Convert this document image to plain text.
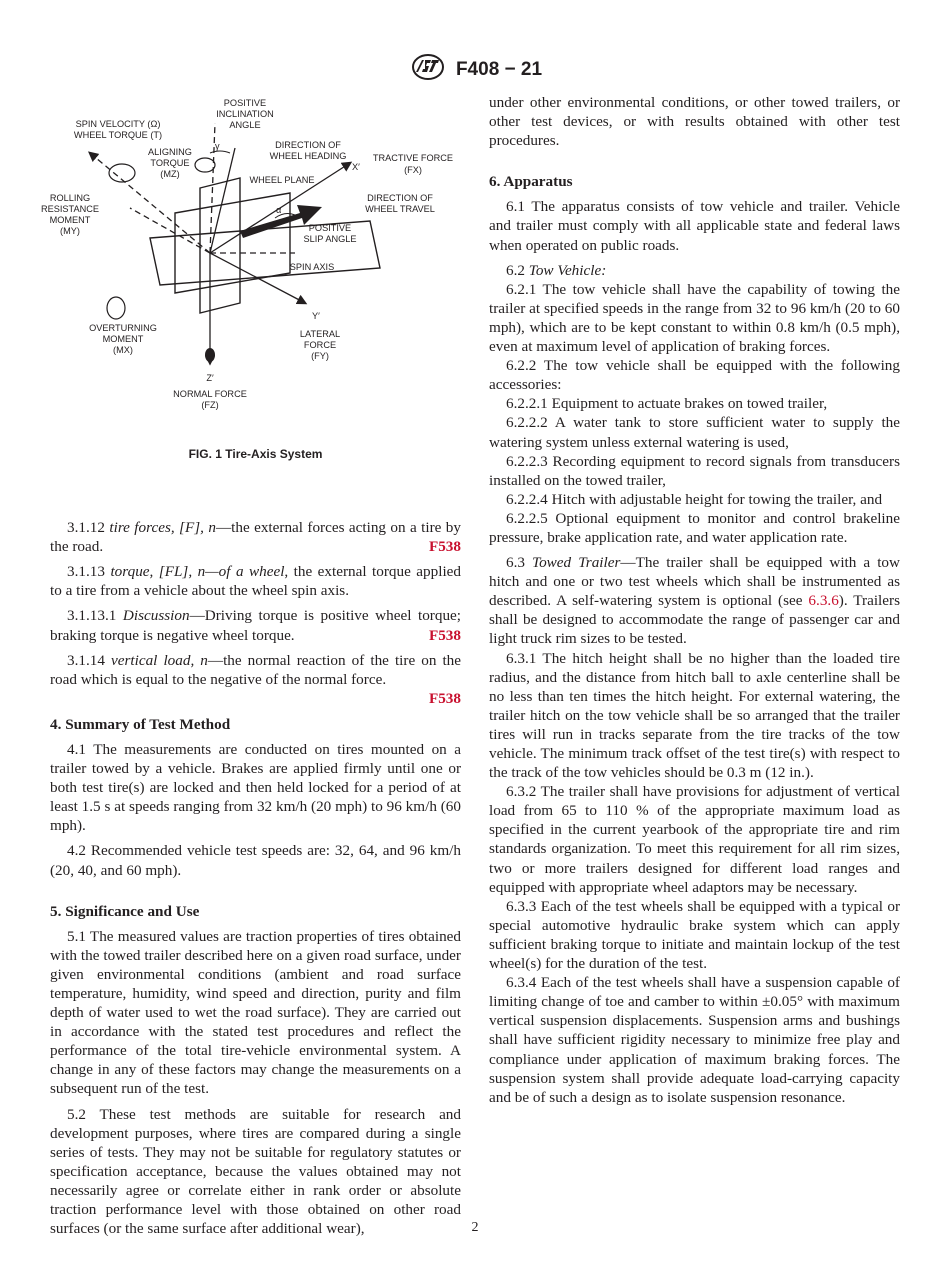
F408 − 21
POSITIVE
INCLINATION
ANGLE
SPIN VELOCITY (Ω)
WHEEL TORQUE (T)
ALIGNING
TORQUE
(MZ)
γ	DIRECTION OF
WHEEL HEADING	TRACTIVE FORCE
(FX)
X′
WHEEL PLANE
α
ROLLING
RESISTANCE
MOMENT
(MY)
DIRECTION OF
WHEEL TRAVEL
POSITIVE
SLIP ANGLE
SPIN AXIS
Y′
OVERTURNING
MOMENT
(MX)
LATERAL
FORCE
(FY)
Z′
NORMAL FORCE
(FZ)
FIG. 1 Tire-Axis System

3.1.12 tire forces, [F], n—the external forces acting on a tire by the road.	F538

3.1.13 torque, [FL], n—of a wheel, the external torque applied to a tire from a vehicle about the wheel spin axis.

3.1.13.1 Discussion—Driving torque is positive wheel torque; braking torque is negative wheel torque.	F538

3.1.14 vertical load, n—the normal reaction of the tire on the road which is equal to the negative of the normal force.

F538

4. Summary of Test Method

4.1 The measurements are conducted on tires mounted on a trailer towed by a vehicle. Brakes are applied firmly until one or both test tire(s) are locked and then held locked for a period of at least 1.5 s at speeds ranging from 32 km/h (20 mph) to 96 km/h (60 mph).

4.2 Recommended vehicle test speeds are: 32, 64, and 96 km/h (20, 40, and 60 mph).

5. Significance and Use

5.1 The measured values are traction properties of tires obtained with the towed trailer described here on a given road surface, under given environmental conditions (ambient and road surface temperature, humidity, wind speed and direction, purity and film depth of water used to wet the road surface). They are carried out in accordance with the stated test procedures and reflect the performance of the total tire-vehicle environmental system. A change in any of these factors may change the measurements on a subsequent run of the test.

5.2 These test methods are suitable for research and development purposes, where tires are compared during a single series of tests. They may not be suitable for regulatory statutes or specification acceptance, because the values obtained may not necessarily agree or correlate either in rank order or absolute traction performance level with those obtained on other road surfaces (or the same surface after additional wear),

under other environmental conditions, or other towed trailers, or other test devices, or with results obtained with other test procedures.

6. Apparatus

6.1 The apparatus consists of tow vehicle and trailer. Vehicle and trailer must comply with all applicable state and federal laws when operated on public roads.

6.2 Tow Vehicle:

6.2.1 The tow vehicle shall have the capability of towing the trailer at specified speeds in the range from 32 to 96 km/h (20 to 60 mph), which are to be kept constant to within 0.8 km/h (0.5 mph), even at maximum level of application of braking forces.

6.2.2 The tow vehicle shall be equipped with the following accessories:

6.2.2.1 Equipment to actuate brakes on towed trailer,

6.2.2.2 A water tank to store sufficient water to supply the watering system unless external watering is used,

6.2.2.3 Recording equipment to record signals from transducers installed on the towed trailer,

6.2.2.4 Hitch with adjustable height for towing the trailer, and

6.2.2.5 Optional equipment to monitor and control brakeline pressure, brake application rate, and water application rate.

6.3 Towed Trailer—The trailer shall be equipped with a tow hitch and one or two test wheels which shall be instrumented as described. A self-watering system is optional (see 6.3.6). Trailers shall be designed to accommodate the range of passenger car and light truck rim sizes to be tested.

6.3.1 The hitch height shall be no higher than the loaded tire radius, and the distance from hitch ball to axle centerline shall be no less than ten times the hitch height. For external watering, the trailer hitch on the tow vehicle shall be so arranged that the trailer tires will run in tracks separate from the tire tracks of the tow vehicle. The minimum track offset of the test tire(s) with respect to the track of the tow vehicles should be 0.3 m (12 in.).

6.3.2 The trailer shall have provisions for adjustment of vertical load from 65 to 110 % of the appropriate maximum load as specified in the current yearbook of the appropriate tire and rim standards organization. To meet this requirement for all rim sizes, two or more trailers designed for different load ranges and equipped with appropriate wheel adaptors may be necessary.

6.3.3 Each of the test wheels shall be equipped with a typical or special automotive hydraulic brake system which can apply sufficient braking torque to initiate and maintain lockup of the test wheel(s) for the duration of the test.

6.3.4 Each of the test wheels shall have a suspension capable of limiting change of toe and camber to within ±0.05° with maximum vertical suspension displacements. Suspension arms and bushings shall have sufficient rigidity necessary to minimize free play and compliance under application of maximum braking forces. The suspension system shall provide adequate load-carrying capacity and be of such a design as to isolate suspension resonance.

2
